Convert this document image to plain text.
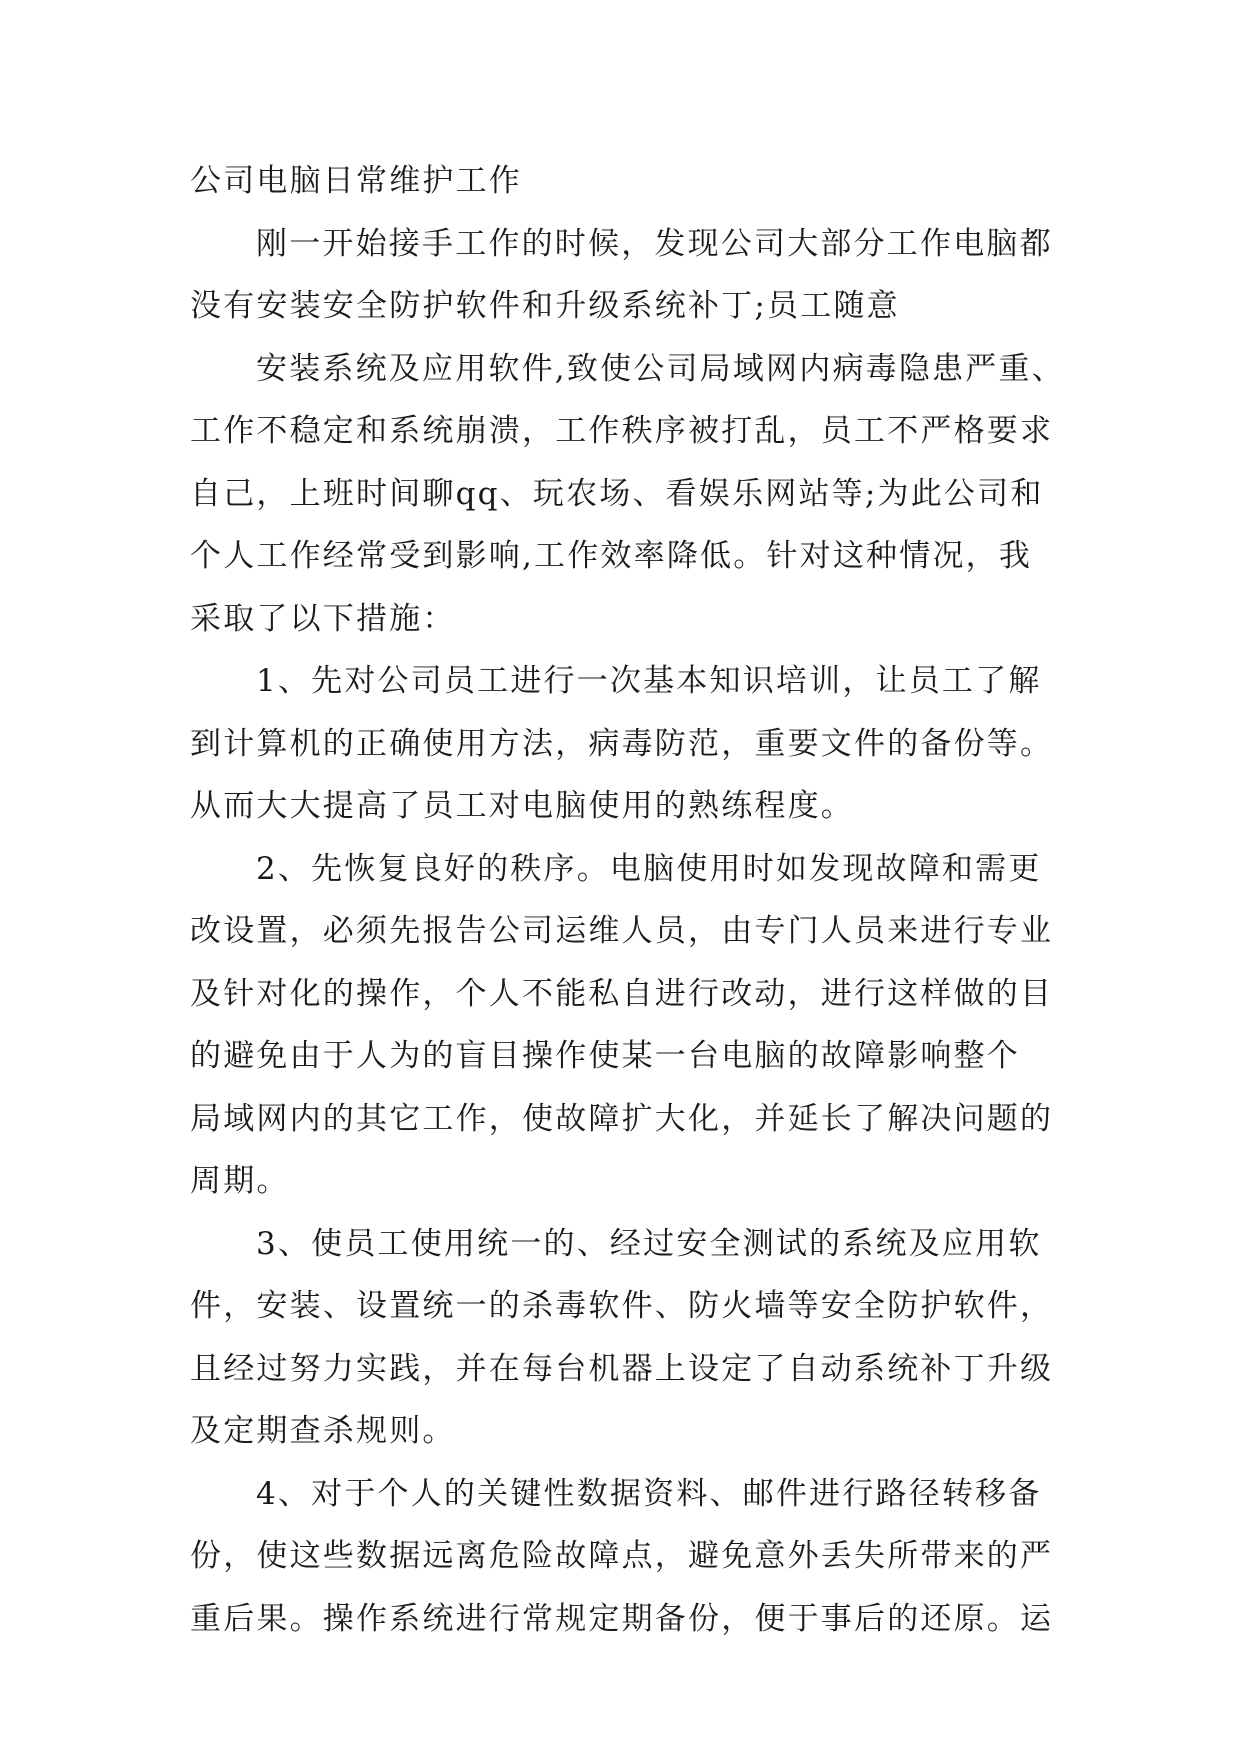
公司电脑日常维护工作
刚一开始接手工作的时候，发现公司大部分工作电脑都
没有安装安全防护软件和升级系统补丁;员工随意
安装系统及应用软件,致使公司局域网内病毒隐患严重、
工作不稳定和系统崩溃，工作秩序被打乱，员工不严格要求
自己，上班时间聊qq、玩农场、看娱乐网站等;为此公司和
个人工作经常受到影响,工作效率降低。针对这种情况，我
采取了以下措施：
1、先对公司员工进行一次基本知识培训，让员工了解
到计算机的正确使用方法，病毒防范，重要文件的备份等。
从而大大提高了员工对电脑使用的熟练程度。
2、先恢复良好的秩序。电脑使用时如发现故障和需更
改设置，必须先报告公司运维人员，由专门人员来进行专业
及针对化的操作，个人不能私自进行改动，进行这样做的目
的避免由于人为的盲目操作使某一台电脑的故障影响整个
局域网内的其它工作，使故障扩大化，并延长了解决问题的
周期。
3、使员工使用统一的、经过安全测试的系统及应用软
件，安装、设置统一的杀毒软件、防火墙等安全防护软件，
且经过努力实践，并在每台机器上设定了自动系统补丁升级
及定期查杀规则。
4、对于个人的关键性数据资料、邮件进行路径转移备
份，使这些数据远离危险故障点，避免意外丢失所带来的严
重后果。操作系统进行常规定期备份，便于事后的还原。运
